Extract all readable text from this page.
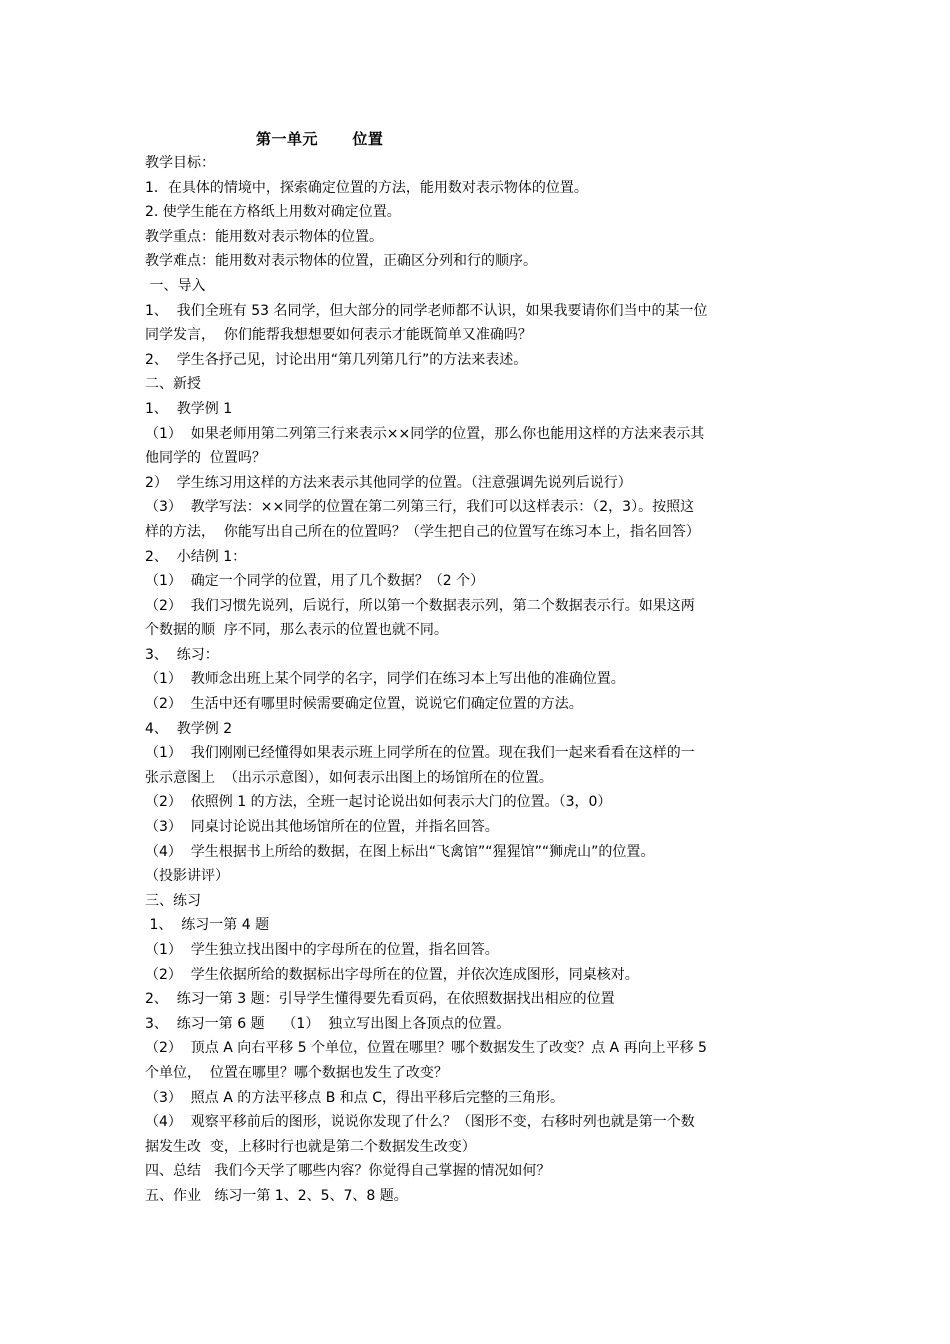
第一单元      位置
教学目标：
1．在具体的情境中，探索确定位置的方法，能用数对表示物体的位置。
2. 使学生能在方格纸上用数对确定位置。
教学重点：能用数对表示物体的位置。
教学难点：能用数对表示物体的位置，正确区分列和行的顺序。
一、导入
1、  我们全班有 53 名同学，但大部分的同学老师都不认识，如果我要请你们当中的某一位
同学发言，  你们能帮我想想要如何表示才能既简单又准确吗？
2、  学生各抒己见，讨论出用“第几列第几行”的方法来表述。
二、新授
1、  教学例 1
（1）  如果老师用第二列第三行来表示××同学的位置，那么你也能用这样的方法来表示其
他同学的  位置吗？
2）  学生练习用这样的方法来表示其他同学的位置。（注意强调先说列后说行）
（3）  教学写法：××同学的位置在第二列第三行，我们可以这样表示：（2，3）。按照这
样的方法，  你能写出自己所在的位置吗？（学生把自己的位置写在练习本上，指名回答）
2、  小结例 1：
（1）  确定一个同学的位置，用了几个数据？（2 个）
（2）  我们习惯先说列，后说行，所以第一个数据表示列，第二个数据表示行。如果这两
个数据的顺  序不同，那么表示的位置也就不同。
3、  练习：
（1）  教师念出班上某个同学的名字，同学们在练习本上写出他的准确位置。
（2）  生活中还有哪里时候需要确定位置，说说它们确定位置的方法。
4、  教学例 2
（1）  我们刚刚已经懂得如果表示班上同学所在的位置。现在我们一起来看看在这样的一
张示意图上  （出示示意图），如何表示出图上的场馆所在的位置。
（2）  依照例 1 的方法，全班一起讨论说出如何表示大门的位置。（3，0）
（3）  同桌讨论说出其他场馆所在的位置，并指名回答。
（4）  学生根据书上所给的数据，在图上标出“飞禽馆”“猩猩馆”“狮虎山”的位置。
（投影讲评）
三、练习
1、  练习一第 4 题
（1）  学生独立找出图中的字母所在的位置，指名回答。
（2）  学生依据所给的数据标出字母所在的位置，并依次连成图形，同桌核对。
2、  练习一第 3 题：引导学生懂得要先看页码，在依照数据找出相应的位置
3、  练习一第 6 题    （1）  独立写出图上各顶点的位置。
（2）  顶点 A 向右平移 5 个单位，位置在哪里？哪个数据发生了改变？点 A 再向上平移 5
个单位，  位置在哪里？哪个数据也发生了改变？
（3）  照点 A 的方法平移点 B 和点 C，得出平移后完整的三角形。
（4）  观察平移前后的图形，说说你发现了什么？（图形不变，右移时列也就是第一个数
据发生改  变，上移时行也就是第二个数据发生改变）
四、总结   我们今天学了哪些内容？你觉得自己掌握的情况如何？
五、作业   练习一第 1、2、5、7、8 题。
